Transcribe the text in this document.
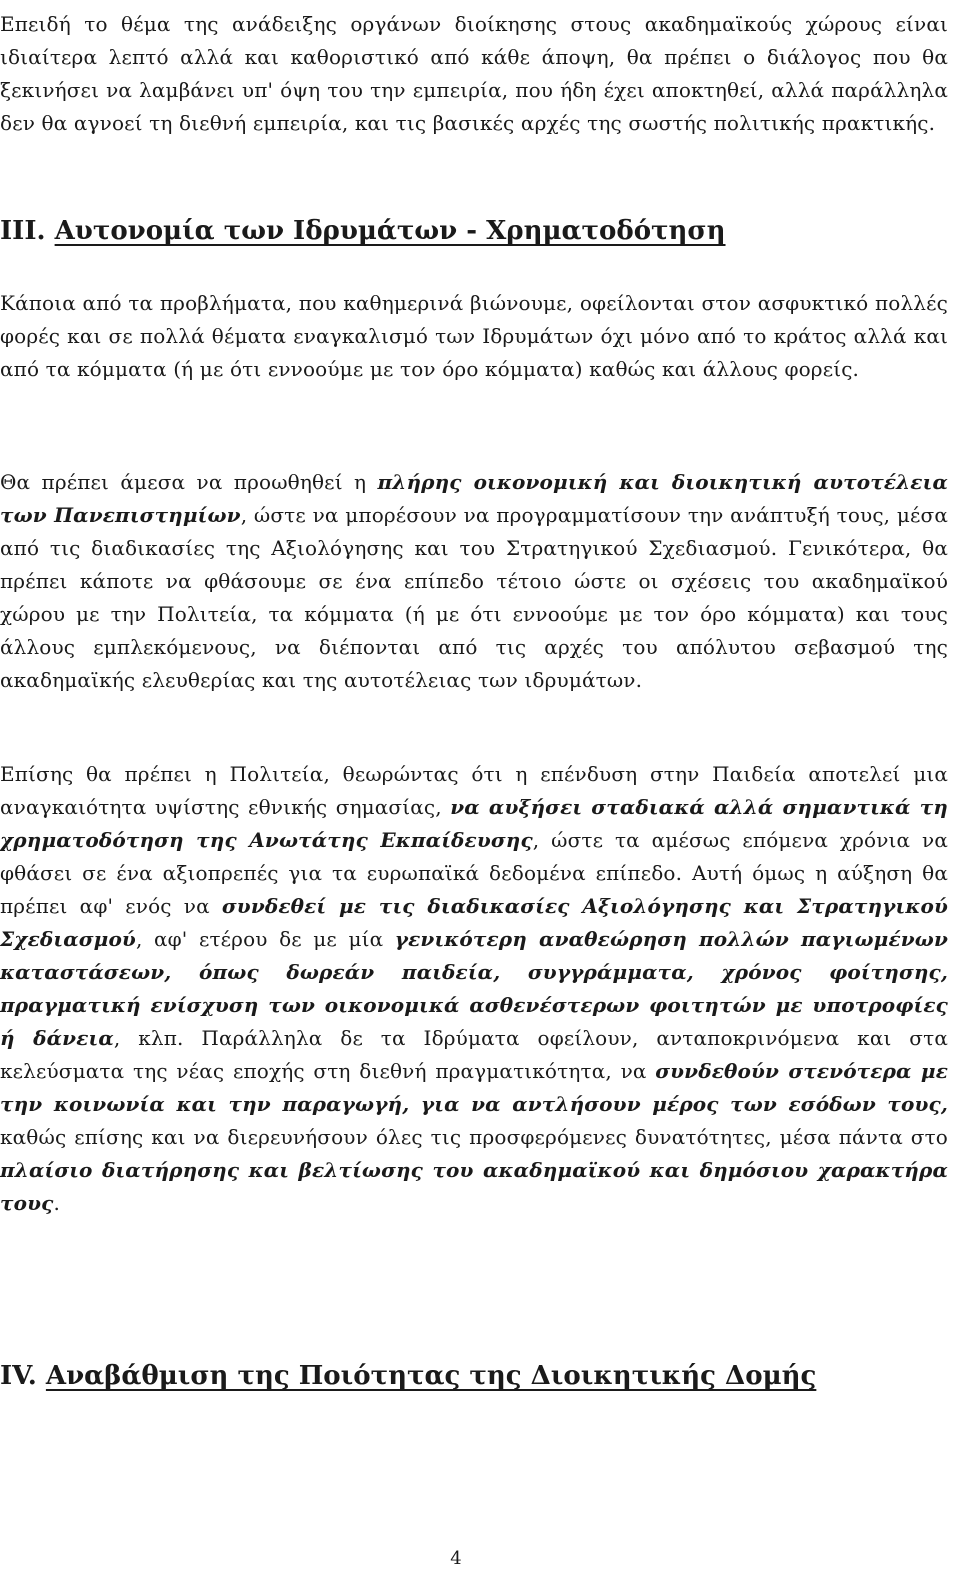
Επειδή το θέμα της ανάδειξης οργάνων διοίκησης στους ακαδημαϊκούς χώρους είναι ιδιαίτερα λεπτό αλλά και καθοριστικό από κάθε άποψη, θα πρέπει ο διάλογος που θα ξεκινήσει να λαμβάνει υπ' όψη του την εμπειρία, που ήδη έχει αποκτηθεί, αλλά παράλληλα δεν θα αγνοεί τη διεθνή εμπειρία, και τις βασικές αρχές της σωστής πολιτικής πρακτικής.

III. Αυτονομία των Ιδρυμάτων - Χρηματοδότηση

Κάποια από τα προβλήματα, που καθημερινά βιώνουμε, οφείλονται στον ασφυκτικό πολλές φορές και σε πολλά θέματα εναγκαλισμό των Ιδρυμάτων όχι μόνο από το κράτος αλλά και από τα κόμματα (ή με ότι εννοούμε με τον όρο κόμματα) καθώς και άλλους φορείς.

Θα πρέπει άμεσα να προωθηθεί η πλήρης οικονομική και διοικητική αυτοτέλεια των Πανεπιστημίων, ώστε να μπορέσουν να προγραμματίσουν την ανάπτυξή τους, μέσα από τις διαδικασίες της Αξιολόγησης και του Στρατηγικού Σχεδιασμού. Γενικότερα, θα πρέπει κάποτε να φθάσουμε σε ένα επίπεδο τέτοιο ώστε οι σχέσεις του ακαδημαϊκού χώρου με την Πολιτεία, τα κόμματα (ή με ότι εννοούμε με τον όρο κόμματα) και τους άλλους εμπλεκόμενους, να διέπονται από τις αρχές του απόλυτου σεβασμού της ακαδημαϊκής ελευθερίας και της αυτοτέλειας των ιδρυμάτων.

Επίσης θα πρέπει η Πολιτεία, θεωρώντας ότι η επένδυση στην Παιδεία αποτελεί μια αναγκαιότητα υψίστης εθνικής σημασίας, να αυξήσει σταδιακά αλλά σημαντικά τη χρηματοδότηση της Ανωτάτης Εκπαίδευσης, ώστε τα αμέσως επόμενα χρόνια να φθάσει σε ένα αξιοπρεπές για τα ευρωπαϊκά δεδομένα επίπεδο. Αυτή όμως η αύξηση θα πρέπει αφ' ενός να συνδεθεί με τις διαδικασίες Αξιολόγησης και Στρατηγικού Σχεδιασμού, αφ' ετέρου δε με μία γενικότερη αναθεώρηση πολλών παγιωμένων καταστάσεων, όπως δωρεάν παιδεία, συγγράμματα, χρόνος φοίτησης, πραγματική ενίσχυση των οικονομικά ασθενέστερων φοιτητών με υποτροφίες ή δάνεια, κλπ. Παράλληλα δε τα Ιδρύματα οφείλουν, ανταποκρινόμενα και στα κελεύσματα της νέας εποχής στη διεθνή πραγματικότητα, να συνδεθούν στενότερα με την κοινωνία και την παραγωγή, για να αντλήσουν μέρος των εσόδων τους, καθώς επίσης και να διερευνήσουν όλες τις προσφερόμενες δυνατότητες, μέσα πάντα στο πλαίσιο διατήρησης και βελτίωσης του ακαδημαϊκού και δημόσιου χαρακτήρα τους.

IV. Αναβάθμιση της Ποιότητας της Διοικητικής Δομής
4
